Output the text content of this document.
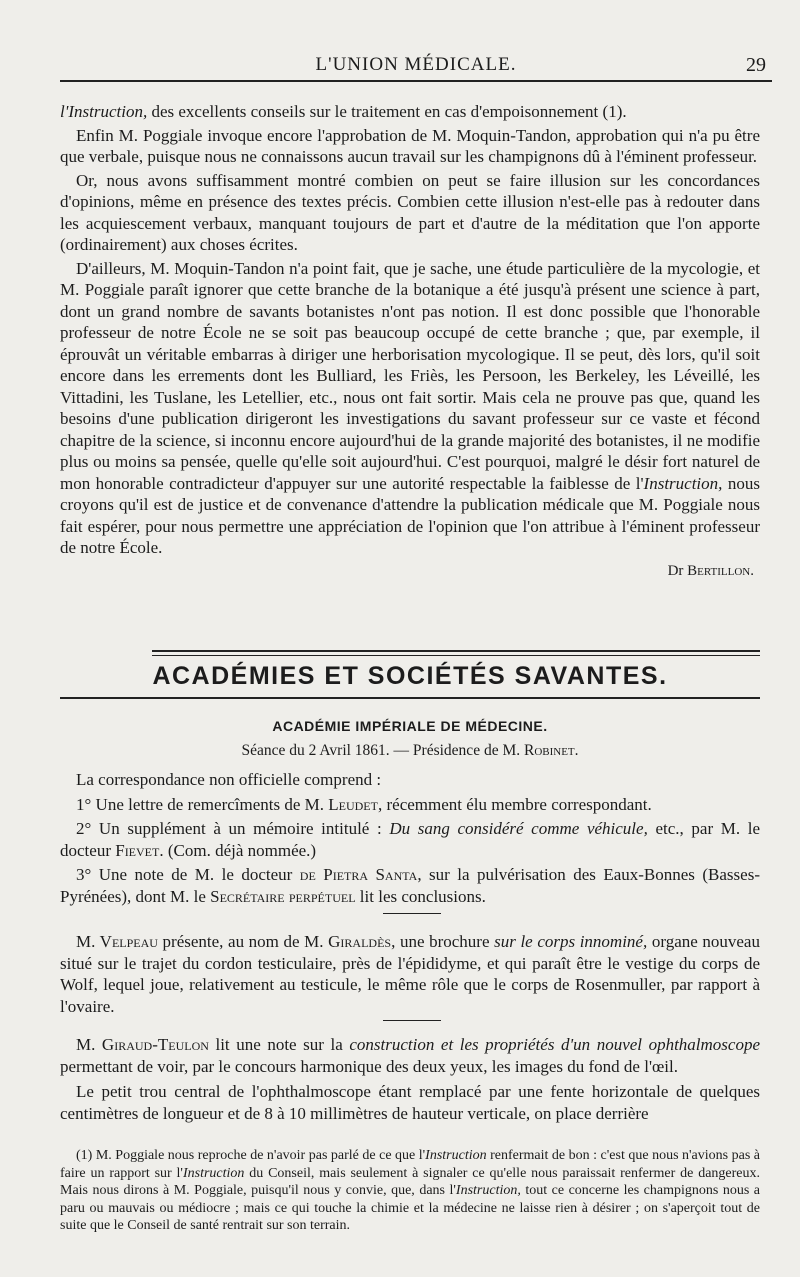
L'UNION MÉDICALE.	29

l'Instruction, des excellents conseils sur le traitement en cas d'empoisonnement (1).

Enfin M. Poggiale invoque encore l'approbation de M. Moquin-Tandon, approbation qui n'a pu être que verbale, puisque nous ne connaissons aucun travail sur les champignons dû à l'éminent professeur.

Or, nous avons suffisamment montré combien on peut se faire illusion sur les concordances d'opinions, même en présence des textes précis. Combien cette illusion n'est-elle pas à redouter dans les acquiescement verbaux, manquant toujours de part et d'autre de la méditation que l'on apporte (ordinairement) aux choses écrites.

D'ailleurs, M. Moquin-Tandon n'a point fait, que je sache, une étude particulière de la mycologie, et M. Poggiale paraît ignorer que cette branche de la botanique a été jusqu'à présent une science à part, dont un grand nombre de savants botanistes n'ont pas notion. Il est donc possible que l'honorable professeur de notre École ne se soit pas beaucoup occupé de cette branche ; que, par exemple, il éprouvât un véritable embarras à diriger une herborisation mycologique. Il se peut, dès lors, qu'il soit encore dans les errements dont les Bulliard, les Friès, les Persoon, les Berkeley, les Léveillé, les Vittadini, les Tuslane, les Letellier, etc., nous ont fait sortir. Mais cela ne prouve pas que, quand les besoins d'une publication dirigeront les investigations du savant professeur sur ce vaste et fécond chapitre de la science, si inconnu encore aujourd'hui de la grande majorité des botanistes, il ne modifie plus ou moins sa pensée, quelle qu'elle soit aujourd'hui. C'est pourquoi, malgré le désir fort naturel de mon honorable contradicteur d'appuyer sur une autorité respectable la faiblesse de l'Instruction, nous croyons qu'il est de justice et de convenance d'attendre la publication médicale que M. Poggiale nous fait espérer, pour nous permettre une appréciation de l'opinion que l'on attribue à l'éminent professeur de notre École.

Dr Bertillon.
ACADÉMIES ET SOCIÉTÉS SAVANTES.
ACADÉMIE IMPÉRIALE DE MÉDECINE.
Séance du 2 Avril 1861. — Présidence de M. Robinet.

La correspondance non officielle comprend :

1° Une lettre de remercîments de M. Leudet, récemment élu membre correspondant.

2° Un supplément à un mémoire intitulé : Du sang considéré comme véhicule, etc., par M. le docteur Fievet. (Com. déjà nommée.)

3° Une note de M. le docteur de Pietra Santa, sur la pulvérisation des Eaux-Bonnes (Basses-Pyrénées), dont M. le Secrétaire perpétuel lit les conclusions.

M. Velpeau présente, au nom de M. Giraldès, une brochure sur le corps innominé, organe nouveau situé sur le trajet du cordon testiculaire, près de l'épididyme, et qui paraît être le vestige du corps de Wolf, lequel joue, relativement au testicule, le même rôle que le corps de Rosenmuller, par rapport à l'ovaire.

M. Giraud-Teulon lit une note sur la construction et les propriétés d'un nouvel ophthalmoscope permettant de voir, par le concours harmonique des deux yeux, les images du fond de l'œil.

Le petit trou central de l'ophthalmoscope étant remplacé par une fente horizontale de quelques centimètres de longueur et de 8 à 10 millimètres de hauteur verticale, on place derrière

(1) M. Poggiale nous reproche de n'avoir pas parlé de ce que l'Instruction renfermait de bon : c'est que nous n'avions pas à faire un rapport sur l'Instruction du Conseil, mais seulement à signaler ce qu'elle nous paraissait renfermer de dangereux. Mais nous dirons à M. Poggiale, puisqu'il nous y convie, que, dans l'Instruction, tout ce concerne les champignons nous a paru ou mauvais ou médiocre ; mais ce qui touche la chimie et la médecine ne laisse rien à désirer ; on s'aperçoit tout de suite que le Conseil de santé rentrait sur son terrain.
